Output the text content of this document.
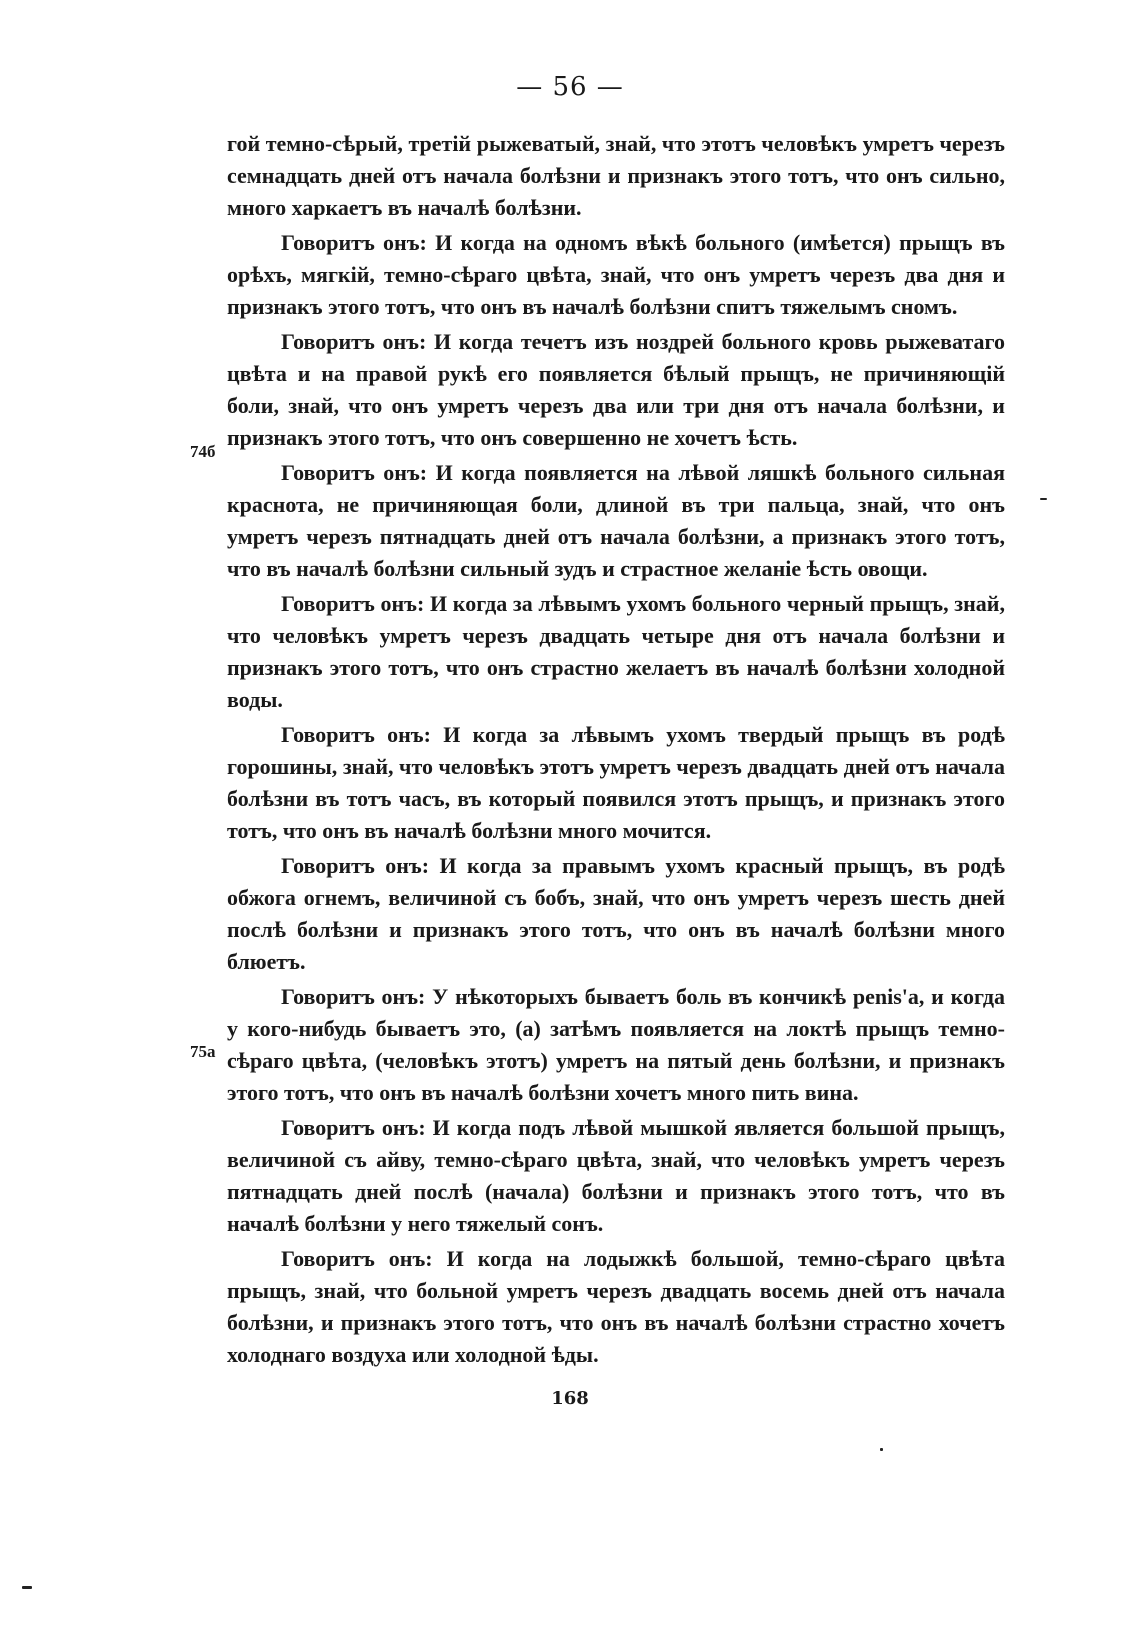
— 56 —

гой темно-сѣрый, третій рыжеватый, знай, что этотъ человѣкъ умретъ черезъ семнадцать дней отъ начала болѣзни и признакъ этого тотъ, что онъ сильно, много харкаетъ въ началѣ болѣзни.

Говоритъ онъ: И когда на одномъ вѣкѣ больного (имѣется) прыщъ въ орѣхъ, мягкій, темно-сѣраго цвѣта, знай, что онъ умретъ черезъ два дня и признакъ этого тотъ, что онъ въ началѣ болѣзни спитъ тяжелымъ сномъ.

Говоритъ онъ: И когда течетъ изъ ноздрей больного кровь рыжеватаго цвѣта и на правой рукѣ его появляется бѣлый прыщъ, не причиняющій боли, знай, что онъ умретъ черезъ два или три дня отъ начала болѣзни, и признакъ этого тотъ, что онъ совершенно не хочетъ ѣсть.

Говоритъ онъ: И когда появляется на лѣвой ляшкѣ больного сильная краснота, не причиняющая боли, длиной въ три пальца, знай, что онъ умретъ черезъ пятнадцать дней отъ начала болѣзни, а признакъ этого тотъ, что въ началѣ болѣзни сильный зудъ и страстное желаніе ѣсть овощи.

Говоритъ онъ: И когда за лѣвымъ ухомъ больного черный прыщъ, знай, что человѣкъ умретъ черезъ двадцать четыре дня отъ начала болѣзни и признакъ этого тотъ, что онъ страстно желаетъ въ началѣ болѣзни холодной воды.

Говоритъ онъ: И когда за лѣвымъ ухомъ твердый прыщъ въ родѣ горошины, знай, что человѣкъ этотъ умретъ черезъ двадцать дней отъ начала болѣзни въ тотъ часъ, въ который появился этотъ прыщъ, и признакъ этого тотъ, что онъ въ началѣ болѣзни много мочится.

Говоритъ онъ: И когда за правымъ ухомъ красный прыщъ, въ родѣ обжога огнемъ, величиной съ бобъ, знай, что онъ умретъ черезъ шесть дней послѣ болѣзни и признакъ этого тотъ, что онъ въ началѣ болѣзни много блюетъ.

Говоритъ онъ: У нѣкоторыхъ бываетъ боль въ кончикѣ penis'а, и когда у кого-нибудь бываетъ это, (а) затѣмъ появляется на локтѣ прыщъ темно-сѣраго цвѣта, (человѣкъ этотъ) умретъ на пятый день болѣзни, и признакъ этого тотъ, что онъ въ началѣ болѣзни хочетъ много пить вина.

Говоритъ онъ: И когда подъ лѣвой мышкой является большой прыщъ, величиной съ айву, темно-сѣраго цвѣта, знай, что человѣкъ умретъ черезъ пятнадцать дней послѣ (начала) болѣзни и признакъ этого тотъ, что въ началѣ болѣзни у него тяжелый сонъ.

Говоритъ онъ: И когда на лодыжкѣ большой, темно-сѣраго цвѣта прыщъ, знай, что больной умретъ черезъ двадцать восемь дней отъ начала болѣзни, и признакъ этого тотъ, что онъ въ началѣ болѣзни страстно хочетъ холоднаго воздуха или холодной ѣды.

74б
75а
168
